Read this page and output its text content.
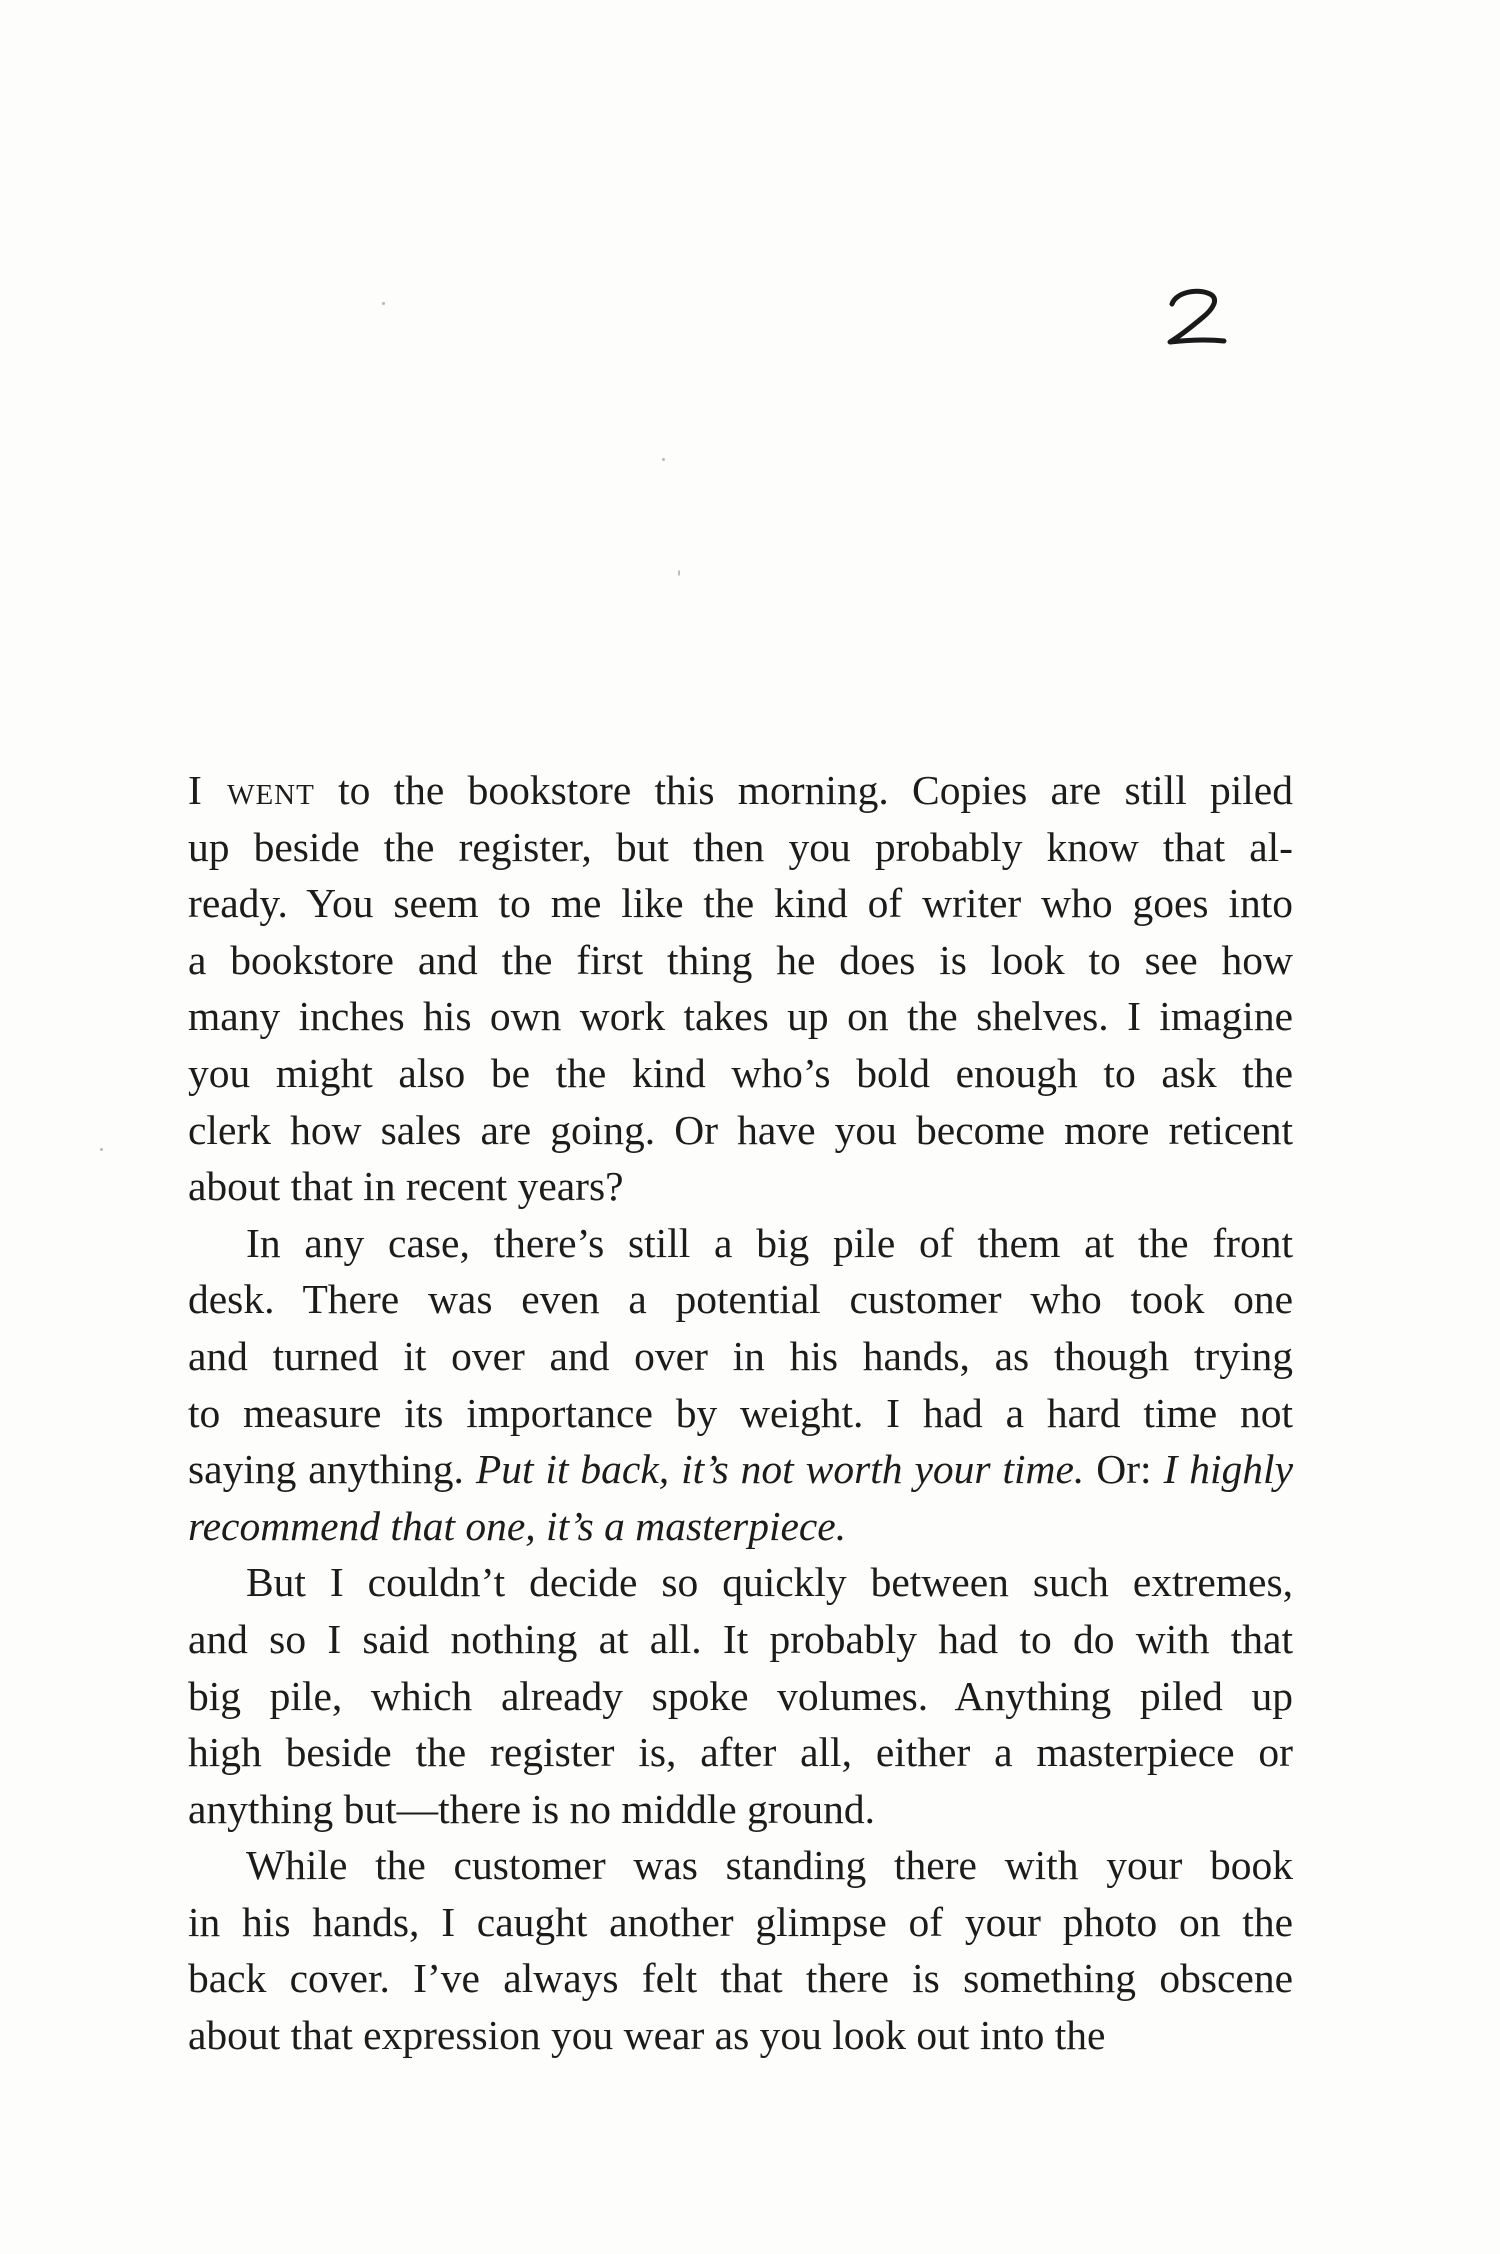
I went to the bookstore this morning. Copies are still piled
up beside the register, but then you probably know that al-
ready. You seem to me like the kind of writer who goes into
a bookstore and the first thing he does is look to see how
many inches his own work takes up on the shelves. I imagine
you might also be the kind who’s bold enough to ask the
clerk how sales are going. Or have you become more reticent
about that in recent years?
In any case, there’s still a big pile of them at the front
desk. There was even a potential customer who took one
and turned it over and over in his hands, as though trying
to measure its importance by weight. I had a hard time not
saying anything. Put it back, it’s not worth your time. Or: I highly
recommend that one, it’s a masterpiece.
But I couldn’t decide so quickly between such extremes,
and so I said nothing at all. It probably had to do with that
big pile, which already spoke volumes. Anything piled up
high beside the register is, after all, either a masterpiece or
anything but—there is no middle ground.
While the customer was standing there with your book
in his hands, I caught another glimpse of your photo on the
back cover. I’ve always felt that there is something obscene
about that expression you wear as you look out into the
